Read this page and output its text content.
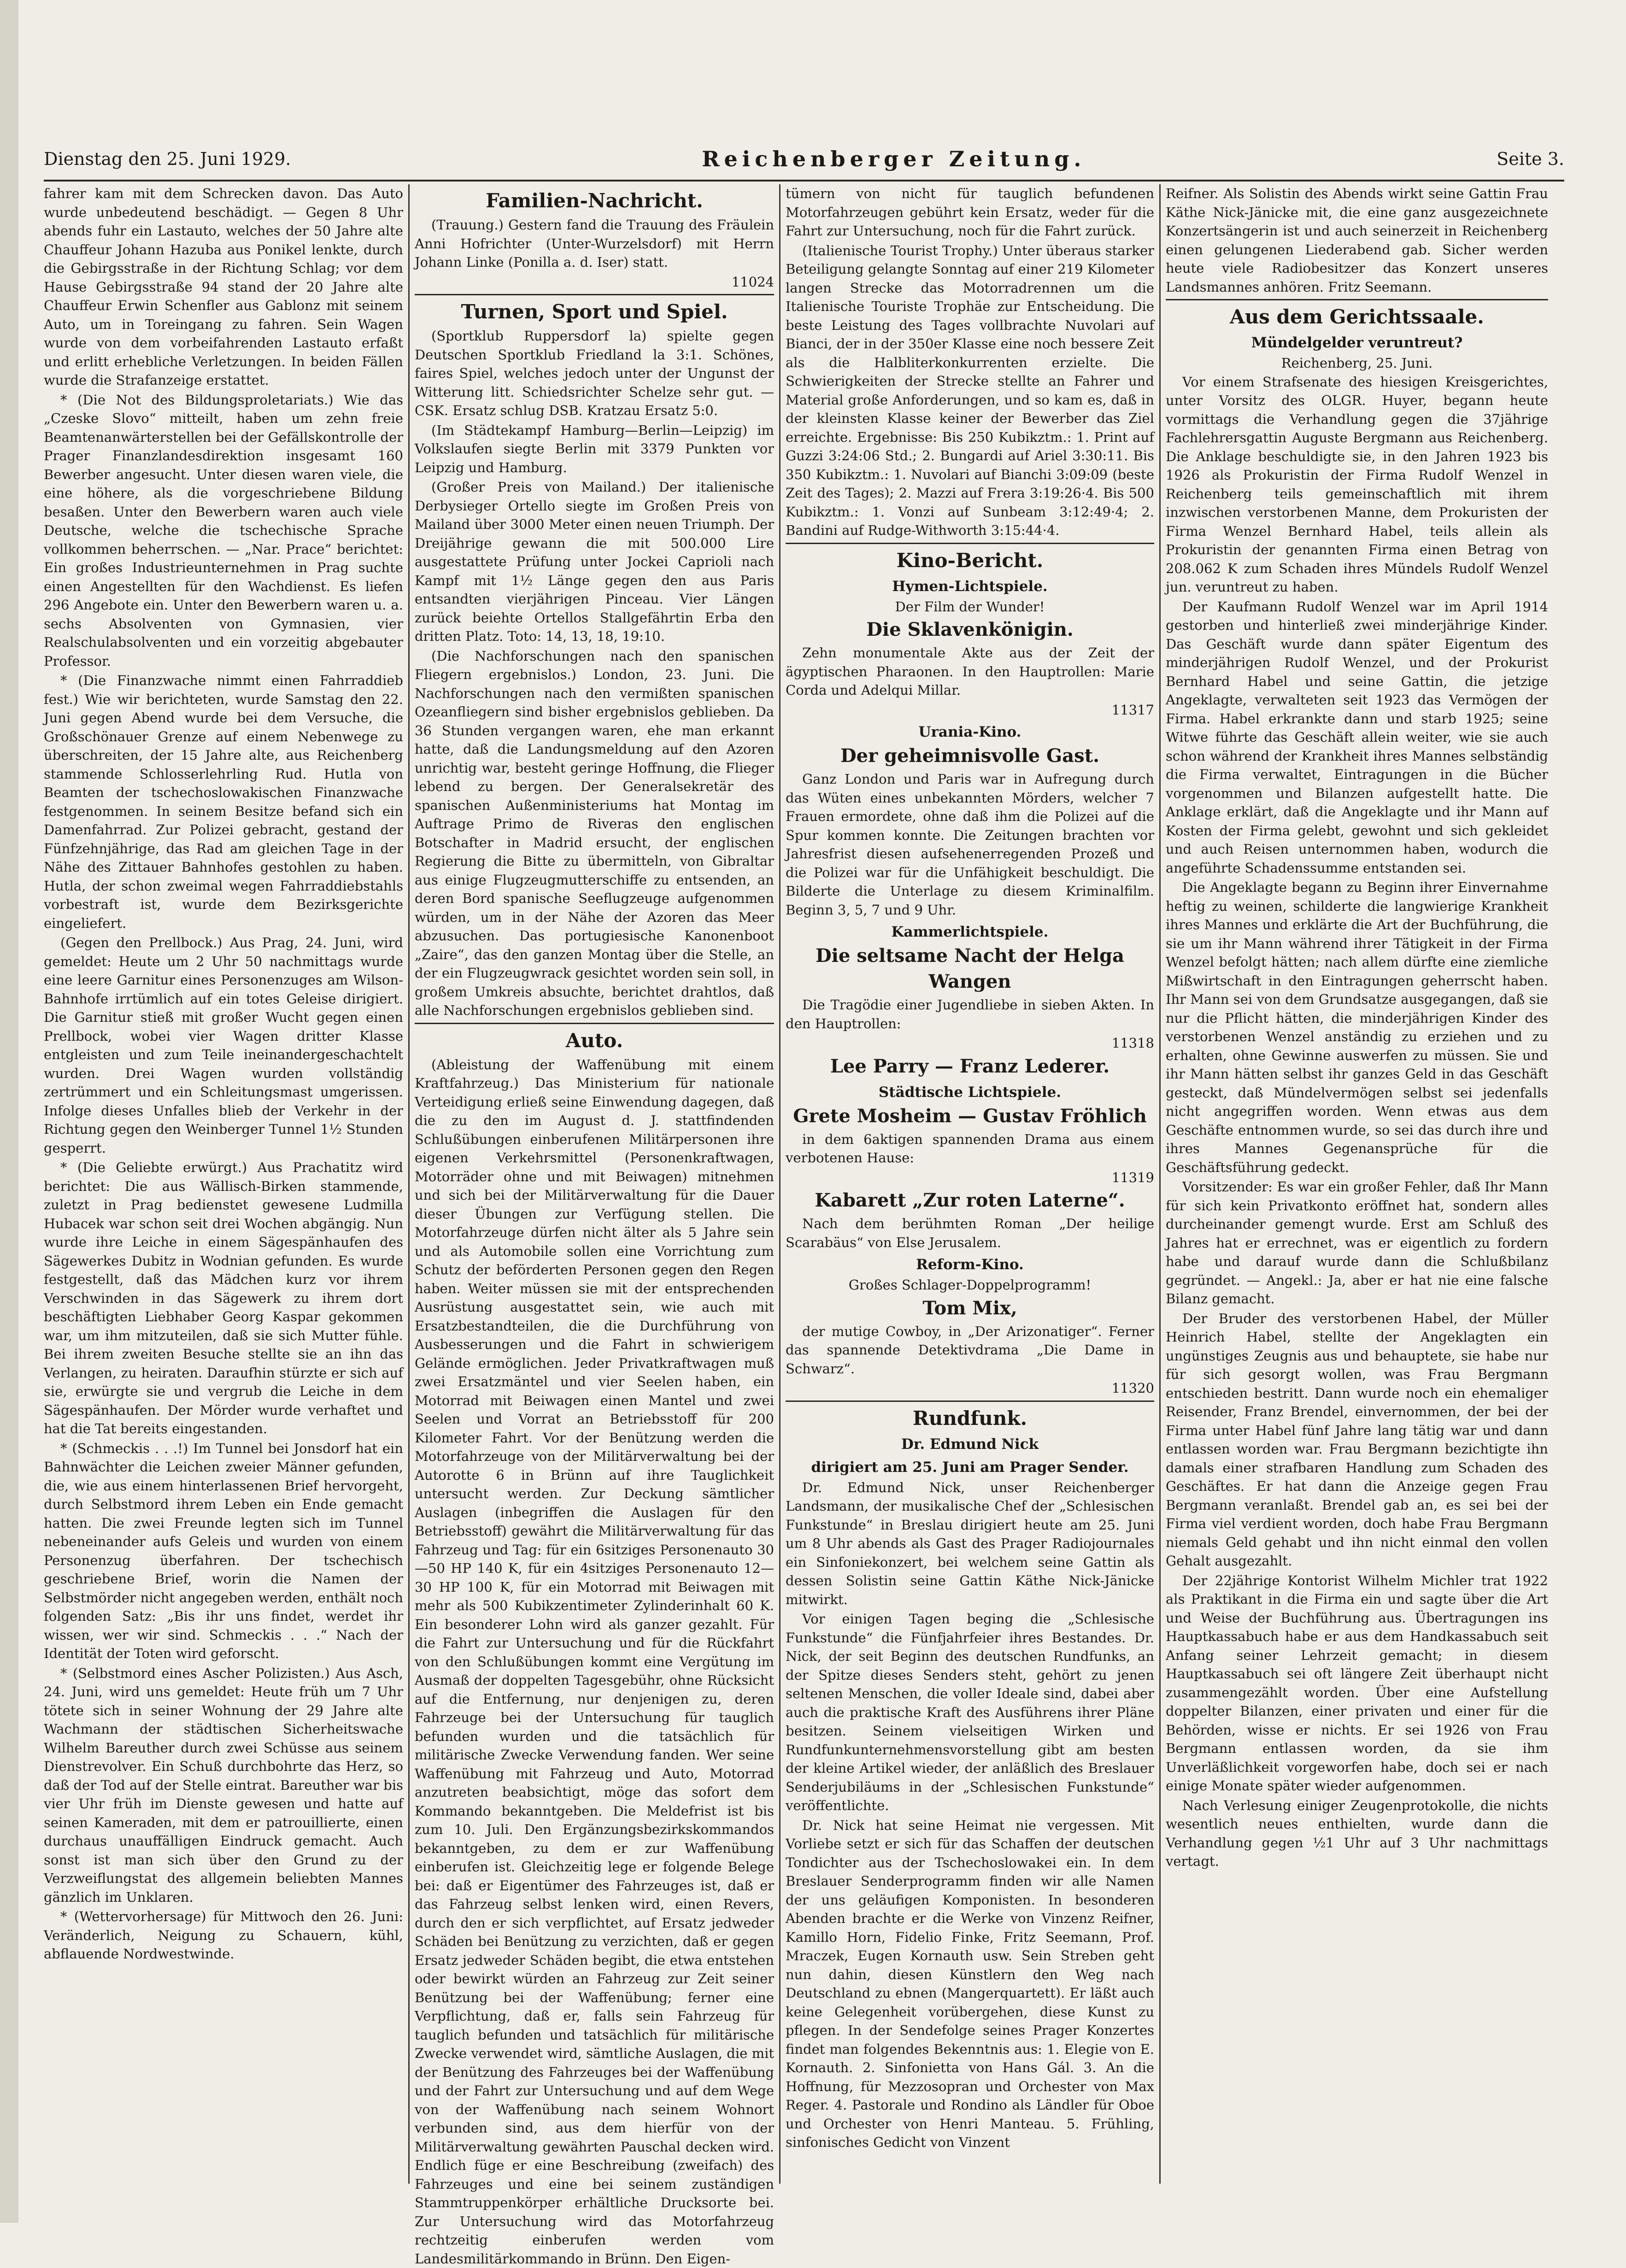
Dienstag den 25. Juni 1929.	Reichenberger Zeitung.	Seite 3.

fahrer kam mit dem Schrecken davon. Das Auto wurde unbedeutend beschädigt. — Gegen 8 Uhr abends fuhr ein Lastauto, welches der 50 Jahre alte Chauffeur Johann Hazuba aus Ponikel lenkte, durch die Gebirgsstraße in der Richtung Schlag; vor dem Hause Gebirgsstraße 94 stand der 20 Jahre alte Chauffeur Erwin Schenfler aus Gablonz mit seinem Auto, um in Toreingang zu fahren. Sein Wagen wurde von dem vorbeifahrenden Lastauto erfaßt und erlitt erhebliche Verletzungen. In beiden Fällen wurde die Strafanzeige erstattet.

* (Die Not des Bildungsproletariats.) Wie das „Czeske Slovo“ mitteilt, haben um zehn freie Beamtenanwärterstellen bei der Gefällskontrolle der Prager Finanzlandesdirektion insgesamt 160 Bewerber angesucht. Unter diesen waren viele, die eine höhere, als die vorgeschriebene Bildung besaßen. Unter den Bewerbern waren auch viele Deutsche, welche die tschechische Sprache vollkommen beherrschen. — „Nar. Prace“ berichtet: Ein großes Industrieunternehmen in Prag suchte einen Angestellten für den Wachdienst. Es liefen 296 Angebote ein. Unter den Bewerbern waren u. a. sechs Absolventen von Gymnasien, vier Realschulabsolventen und ein vorzeitig abgebauter Professor.

* (Die Finanzwache nimmt einen Fahrraddieb fest.) Wie wir berichteten, wurde Samstag den 22. Juni gegen Abend wurde bei dem Versuche, die Großschönauer Grenze auf einem Nebenwege zu überschreiten, der 15 Jahre alte, aus Reichenberg stammende Schlosserlehrling Rud. Hutla von Beamten der tschechoslowakischen Finanzwache festgenommen. In seinem Besitze befand sich ein Damenfahrrad. Zur Polizei gebracht, gestand der Fünfzehnjährige, das Rad am gleichen Tage in der Nähe des Zittauer Bahnhofes gestohlen zu haben. Hutla, der schon zweimal wegen Fahrraddiebstahls vorbestraft ist, wurde dem Bezirksgerichte eingeliefert.

(Gegen den Prellbock.) Aus Prag, 24. Juni, wird gemeldet: Heute um 2 Uhr 50 nachmittags wurde eine leere Garnitur eines Personenzuges am Wilson-Bahnhofe irrtümlich auf ein totes Geleise dirigiert. Die Garnitur stieß mit großer Wucht gegen einen Prellbock, wobei vier Wagen dritter Klasse entgleisten und zum Teile ineinandergeschachtelt wurden. Drei Wagen wurden vollständig zertrümmert und ein Schleitungsmast umgerissen. Infolge dieses Unfalles blieb der Verkehr in der Richtung gegen den Weinberger Tunnel 1½ Stunden gesperrt.

* (Die Geliebte erwürgt.) Aus Prachatitz wird berichtet: Die aus Wällisch-Birken stammende, zuletzt in Prag bedienstet gewesene Ludmilla Hubacek war schon seit drei Wochen abgängig. Nun wurde ihre Leiche in einem Sägespänhaufen des Sägewerkes Dubitz in Wodnian gefunden. Es wurde festgestellt, daß das Mädchen kurz vor ihrem Verschwinden in das Sägewerk zu ihrem dort beschäftigten Liebhaber Georg Kaspar gekommen war, um ihm mitzuteilen, daß sie sich Mutter fühle. Bei ihrem zweiten Besuche stellte sie an ihn das Verlangen, zu heiraten. Daraufhin stürzte er sich auf sie, erwürgte sie und vergrub die Leiche in dem Sägespänhaufen. Der Mörder wurde verhaftet und hat die Tat bereits eingestanden.

* (Schmeckis . . .!) Im Tunnel bei Jonsdorf hat ein Bahnwächter die Leichen zweier Männer gefunden, die, wie aus einem hinterlassenen Brief hervorgeht, durch Selbstmord ihrem Leben ein Ende gemacht hatten. Die zwei Freunde legten sich im Tunnel nebeneinander aufs Geleis und wurden von einem Personenzug überfahren. Der tschechisch geschriebene Brief, worin die Namen der Selbstmörder nicht angegeben werden, enthält noch folgenden Satz: „Bis ihr uns findet, werdet ihr wissen, wer wir sind. Schmeckis . . .“ Nach der Identität der Toten wird geforscht.

* (Selbstmord eines Ascher Polizisten.) Aus Asch, 24. Juni, wird uns gemeldet: Heute früh um 7 Uhr tötete sich in seiner Wohnung der 29 Jahre alte Wachmann der städtischen Sicherheitswache Wilhelm Bareuther durch zwei Schüsse aus seinem Dienstrevolver. Ein Schuß durchbohrte das Herz, so daß der Tod auf der Stelle eintrat. Bareuther war bis vier Uhr früh im Dienste gewesen und hatte auf seinen Kameraden, mit dem er patrouillierte, einen durchaus unauffälligen Eindruck gemacht. Auch sonst ist man sich über den Grund zu der Verzweiflungstat des allgemein beliebten Mannes gänzlich im Unklaren.

* (Wettervorhersage) für Mittwoch den 26. Juni: Veränderlich, Neigung zu Schauern, kühl, abflauende Nordwestwinde.

Familien-Nachricht.

(Trauung.) Gestern fand die Trauung des Fräulein Anni Hofrichter (Unter-Wurzelsdorf) mit Herrn Johann Linke (Ponilla a. d. Iser) statt.

11024
Turnen, Sport und Spiel.

(Sportklub Ruppersdorf la) spielte gegen Deutschen Sportklub Friedland la 3:1. Schönes, faires Spiel, welches jedoch unter der Ungunst der Witterung litt. Schiedsrichter Schelze sehr gut. — CSK. Ersatz schlug DSB. Kratzau Ersatz 5:0.

(Im Städtekampf Hamburg—Berlin—Leipzig) im Volkslaufen siegte Berlin mit 3379 Punkten vor Leipzig und Hamburg.

(Großer Preis von Mailand.) Der italienische Derbysieger Ortello siegte im Großen Preis von Mailand über 3000 Meter einen neuen Triumph. Der Dreijährige gewann die mit 500.000 Lire ausgestattete Prüfung unter Jockei Caprioli nach Kampf mit 1½ Länge gegen den aus Paris entsandten vierjährigen Pinceau. Vier Längen zurück beiehte Ortellos Stallgefährtin Erba den dritten Platz. Toto: 14, 13, 18, 19:10.

(Die Nachforschungen nach den spanischen Fliegern ergebnislos.) London, 23. Juni. Die Nachforschungen nach den vermißten spanischen Ozeanfliegern sind bisher ergebnislos geblieben. Da 36 Stunden vergangen waren, ehe man erkannt hatte, daß die Landungsmeldung auf den Azoren unrichtig war, besteht geringe Hoffnung, die Flieger lebend zu bergen. Der Generalsekretär des spanischen Außenministeriums hat Montag im Auftrage Primo de Riveras den englischen Botschafter in Madrid ersucht, der englischen Regierung die Bitte zu übermitteln, von Gibraltar aus einige Flugzeugmutterschiffe zu entsenden, an deren Bord spanische Seeflugzeuge aufgenommen würden, um in der Nähe der Azoren das Meer abzusuchen. Das portugiesische Kanonenboot „Zaire“, das den ganzen Montag über die Stelle, an der ein Flugzeugwrack gesichtet worden sein soll, in großem Umkreis absuchte, berichtet drahtlos, daß alle Nachforschungen ergebnislos geblieben sind.

Auto.

(Ableistung der Waffenübung mit einem Kraftfahrzeug.) Das Ministerium für nationale Verteidigung erließ seine Einwendung dagegen, daß die zu den im August d. J. stattfindenden Schlußübungen einberufenen Militärpersonen ihre eigenen Verkehrsmittel (Personenkraftwagen, Motorräder ohne und mit Beiwagen) mitnehmen und sich bei der Militärverwaltung für die Dauer dieser Übungen zur Verfügung stellen. Die Motorfahrzeuge dürfen nicht älter als 5 Jahre sein und als Automobile sollen eine Vorrichtung zum Schutz der beförderten Personen gegen den Regen haben. Weiter müssen sie mit der entsprechenden Ausrüstung ausgestattet sein, wie auch mit Ersatzbestandteilen, die die Durchführung von Ausbesserungen und die Fahrt in schwierigem Gelände ermöglichen. Jeder Privatkraftwagen muß zwei Ersatzmäntel und vier Seelen haben, ein Motorrad mit Beiwagen einen Mantel und zwei Seelen und Vorrat an Betriebsstoff für 200 Kilometer Fahrt. Vor der Benützung werden die Motorfahrzeuge von der Militärverwaltung bei der Autorotte 6 in Brünn auf ihre Tauglichkeit untersucht werden. Zur Deckung sämtlicher Auslagen (inbegriffen die Auslagen für den Betriebsstoff) gewährt die Militärverwaltung für das Fahrzeug und Tag: für ein 6sitziges Personenauto 30—50 HP 140 K, für ein 4sitziges Personenauto 12—30 HP 100 K, für ein Motorrad mit Beiwagen mit mehr als 500 Kubikzentimeter Zylinderinhalt 60 K. Ein besonderer Lohn wird als ganzer gezahlt. Für die Fahrt zur Untersuchung und für die Rückfahrt von den Schlußübungen kommt eine Vergütung im Ausmaß der doppelten Tagesgebühr, ohne Rücksicht auf die Entfernung, nur denjenigen zu, deren Fahrzeuge bei der Untersuchung für tauglich befunden wurden und die tatsächlich für militärische Zwecke Verwendung fanden. Wer seine Waffenübung mit Fahrzeug und Auto, Motorrad anzutreten beabsichtigt, möge das sofort dem Kommando bekanntgeben. Die Meldefrist ist bis zum 10. Juli. Den Ergänzungsbezirkskommandos bekanntgeben, zu dem er zur Waffenübung einberufen ist. Gleichzeitig lege er folgende Belege bei: daß er Eigentümer des Fahrzeuges ist, daß er das Fahrzeug selbst lenken wird, einen Revers, durch den er sich verpflichtet, auf Ersatz jedweder Schäden bei Benützung zu verzichten, daß er gegen Ersatz jedweder Schäden begibt, die etwa entstehen oder bewirkt würden an Fahrzeug zur Zeit seiner Benützung bei der Waffenübung; ferner eine Verpflichtung, daß er, falls sein Fahrzeug für tauglich befunden und tatsächlich für militärische Zwecke verwendet wird, sämtliche Auslagen, die mit der Benützung des Fahrzeuges bei der Waffenübung und der Fahrt zur Untersuchung und auf dem Wege von der Waffenübung nach seinem Wohnort verbunden sind, aus dem hierfür von der Militärverwaltung gewährten Pauschal decken wird. Endlich füge er eine Beschreibung (zweifach) des Fahrzeuges und eine bei seinem zuständigen Stammtruppenkörper erhältliche Drucksorte bei. Zur Untersuchung wird das Motorfahrzeug rechtzeitig einberufen werden vom Landesmilitärkommando in Brünn. Den Eigen-

tümern von nicht für tauglich befundenen Motorfahrzeugen gebührt kein Ersatz, weder für die Fahrt zur Untersuchung, noch für die Fahrt zurück.

(Italienische Tourist Trophy.) Unter überaus starker Beteiligung gelangte Sonntag auf einer 219 Kilometer langen Strecke das Motorradrennen um die Italienische Touriste Trophäe zur Entscheidung. Die beste Leistung des Tages vollbrachte Nuvolari auf Bianci, der in der 350er Klasse eine noch bessere Zeit als die Halbliterkonkurrenten erzielte. Die Schwierigkeiten der Strecke stellte an Fahrer und Material große Anforderungen, und so kam es, daß in der kleinsten Klasse keiner der Bewerber das Ziel erreichte. Ergebnisse: Bis 250 Kubikztm.: 1. Print auf Guzzi 3:24:06 Std.; 2. Bungardi auf Ariel 3:30:11. Bis 350 Kubikztm.: 1. Nuvolari auf Bianchi 3:09:09 (beste Zeit des Tages); 2. Mazzi auf Frera 3:19:26·4. Bis 500 Kubikztm.: 1. Vonzi auf Sunbeam 3:12:49·4; 2. Bandini auf Rudge-Withworth 3:15:44·4.

Kino-Bericht.
Hymen-Lichtspiele.
Der Film der Wunder!
Die Sklavenkönigin.

Zehn monumentale Akte aus der Zeit der ägyptischen Pharaonen. In den Hauptrollen: Marie Corda und Adelqui Millar.

11317
Urania-Kino.
Der geheimnisvolle Gast.

Ganz London und Paris war in Aufregung durch das Wüten eines unbekannten Mörders, welcher 7 Frauen ermordete, ohne daß ihm die Polizei auf die Spur kommen konnte. Die Zeitungen brachten vor Jahresfrist diesen aufsehenerregenden Prozeß und die Polizei war für die Unfähigkeit beschuldigt. Die Bilderte die Unterlage zu diesem Kriminalfilm. Beginn 3, 5, 7 und 9 Uhr.

Kammerlichtspiele.
Die seltsame Nacht der Helga Wangen

Die Tragödie einer Jugendliebe in sieben Akten. In den Hauptrollen:

11318
Lee Parry — Franz Lederer.
Städtische Lichtspiele.
Grete Mosheim — Gustav Fröhlich

in dem 6aktigen spannenden Drama aus einem verbotenen Hause:

11319
Kabarett „Zur roten Laterne“.

Nach dem berühmten Roman „Der heilige Scarabäus“ von Else Jerusalem.

Reform-Kino.
Großes Schlager-Doppelprogramm!
Tom Mix,

der mutige Cowboy, in „Der Arizonatiger“. Ferner das spannende Detektivdrama „Die Dame in Schwarz“.

11320
Rundfunk.
Dr. Edmund Nick
dirigiert am 25. Juni am Prager Sender.

Dr. Edmund Nick, unser Reichenberger Landsmann, der musikalische Chef der „Schlesischen Funkstunde“ in Breslau dirigiert heute am 25. Juni um 8 Uhr abends als Gast des Prager Radiojournales ein Sinfoniekonzert, bei welchem seine Gattin als dessen Solistin seine Gattin Käthe Nick-Jänicke mitwirkt.

Vor einigen Tagen beging die „Schlesische Funkstunde“ die Fünfjahrfeier ihres Bestandes. Dr. Nick, der seit Beginn des deutschen Rundfunks, an der Spitze dieses Senders steht, gehört zu jenen seltenen Menschen, die voller Ideale sind, dabei aber auch die praktische Kraft des Ausführens ihrer Pläne besitzen. Seinem vielseitigen Wirken und Rundfunkunternehmensvorstellung gibt am besten der kleine Artikel wieder, der anläßlich des Breslauer Senderjubiläums in der „Schlesischen Funkstunde“ veröffentlichte.

Dr. Nick hat seine Heimat nie vergessen. Mit Vorliebe setzt er sich für das Schaffen der deutschen Tondichter aus der Tschechoslowakei ein. In dem Breslauer Senderprogramm finden wir alle Namen der uns geläufigen Komponisten. In besonderen Abenden brachte er die Werke von Vinzenz Reifner, Kamillo Horn, Fidelio Finke, Fritz Seemann, Prof. Mraczek, Eugen Kornauth usw. Sein Streben geht nun dahin, diesen Künstlern den Weg nach Deutschland zu ebnen (Mangerquartett). Er läßt auch keine Gelegenheit vorübergehen, diese Kunst zu pflegen. In der Sendefolge seines Prager Konzertes findet man folgendes Bekenntnis aus: 1. Elegie von E. Kornauth. 2. Sinfonietta von Hans Gál. 3. An die Hoffnung, für Mezzosopran und Orchester von Max Reger. 4. Pastorale und Rondino als Ländler für Oboe und Orchester von Henri Manteau. 5. Frühling, sinfonisches Gedicht von Vinzent

Reifner. Als Solistin des Abends wirkt seine Gattin Frau Käthe Nick-Jänicke mit, die eine ganz ausgezeichnete Konzertsängerin ist und auch seinerzeit in Reichenberg einen gelungenen Liederabend gab. Sicher werden heute viele Radiobesitzer das Konzert unseres Landsmannes anhören. Fritz Seemann.

Aus dem Gerichtssaale.
Mündelgelder veruntreut?
Reichenberg, 25. Juni.

Vor einem Strafsenate des hiesigen Kreisgerichtes, unter Vorsitz des OLGR. Huyer, begann heute vormittags die Verhandlung gegen die 37jährige Fachlehrersgattin Auguste Bergmann aus Reichenberg. Die Anklage beschuldigte sie, in den Jahren 1923 bis 1926 als Prokuristin der Firma Rudolf Wenzel in Reichenberg teils gemeinschaftlich mit ihrem inzwischen verstorbenen Manne, dem Prokuristen der Firma Wenzel Bernhard Habel, teils allein als Prokuristin der genannten Firma einen Betrag von 208.062 K zum Schaden ihres Mündels Rudolf Wenzel jun. veruntreut zu haben.

Der Kaufmann Rudolf Wenzel war im April 1914 gestorben und hinterließ zwei minderjährige Kinder. Das Geschäft wurde dann später Eigentum des minderjährigen Rudolf Wenzel, und der Prokurist Bernhard Habel und seine Gattin, die jetzige Angeklagte, verwalteten seit 1923 das Vermögen der Firma. Habel erkrankte dann und starb 1925; seine Witwe führte das Geschäft allein weiter, wie sie auch schon während der Krankheit ihres Mannes selbständig die Firma verwaltet, Eintragungen in die Bücher vorgenommen und Bilanzen aufgestellt hatte. Die Anklage erklärt, daß die Angeklagte und ihr Mann auf Kosten der Firma gelebt, gewohnt und sich gekleidet und auch Reisen unternommen haben, wodurch die angeführte Schadenssumme entstanden sei.

Die Angeklagte begann zu Beginn ihrer Einvernahme heftig zu weinen, schilderte die langwierige Krankheit ihres Mannes und erklärte die Art der Buchführung, die sie um ihr Mann während ihrer Tätigkeit in der Firma Wenzel befolgt hätten; nach allem dürfte eine ziemliche Mißwirtschaft in den Eintragungen geherrscht haben. Ihr Mann sei von dem Grundsatze ausgegangen, daß sie nur die Pflicht hätten, die minderjährigen Kinder des verstorbenen Wenzel anständig zu erziehen und zu erhalten, ohne Gewinne auswerfen zu müssen. Sie und ihr Mann hätten selbst ihr ganzes Geld in das Geschäft gesteckt, daß Mündelvermögen selbst sei jedenfalls nicht angegriffen worden. Wenn etwas aus dem Geschäfte entnommen wurde, so sei das durch ihre und ihres Mannes Gegenansprüche für die Geschäftsführung gedeckt.

Vorsitzender: Es war ein großer Fehler, daß Ihr Mann für sich kein Privatkonto eröffnet hat, sondern alles durcheinander gemengt wurde. Erst am Schluß des Jahres hat er errechnet, was er eigentlich zu fordern habe und darauf wurde dann die Schlußbilanz gegründet. — Angekl.: Ja, aber er hat nie eine falsche Bilanz gemacht.

Der Bruder des verstorbenen Habel, der Müller Heinrich Habel, stellte der Angeklagten ein ungünstiges Zeugnis aus und behauptete, sie habe nur für sich gesorgt wollen, was Frau Bergmann entschieden bestritt. Dann wurde noch ein ehemaliger Reisender, Franz Brendel, einvernommen, der bei der Firma unter Habel fünf Jahre lang tätig war und dann entlassen worden war. Frau Bergmann bezichtigte ihn damals einer strafbaren Handlung zum Schaden des Geschäftes. Er hat dann die Anzeige gegen Frau Bergmann veranlaßt. Brendel gab an, es sei bei der Firma viel verdient worden, doch habe Frau Bergmann niemals Geld gehabt und ihn nicht einmal den vollen Gehalt ausgezahlt.

Der 22jährige Kontorist Wilhelm Michler trat 1922 als Praktikant in die Firma ein und sagte über die Art und Weise der Buchführung aus. Übertragungen ins Hauptkassabuch habe er aus dem Handkassabuch seit Anfang seiner Lehrzeit gemacht; in diesem Hauptkassabuch sei oft längere Zeit überhaupt nicht zusammengezählt worden. Über eine Aufstellung doppelter Bilanzen, einer privaten und einer für die Behörden, wisse er nichts. Er sei 1926 von Frau Bergmann entlassen worden, da sie ihm Unverläßlichkeit vorgeworfen habe, doch sei er nach einige Monate später wieder aufgenommen.

Nach Verlesung einiger Zeugenprotokolle, die nichts wesentlich neues enthielten, wurde dann die Verhandlung gegen ½1 Uhr auf 3 Uhr nachmittags vertagt.
